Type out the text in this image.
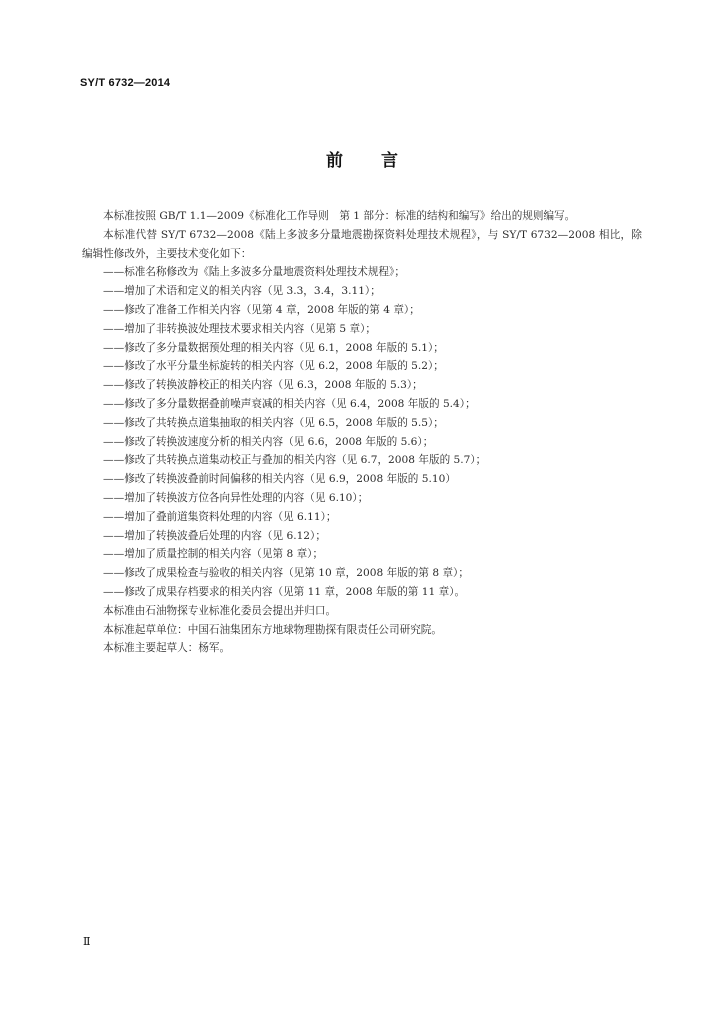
SY/T 6732—2014
前言

本标准按照 GB/T 1.1—2009《标准化工作导则　第 1 部分：标准的结构和编写》给出的规则编写。

本标准代替 SY/T 6732—2008《陆上多波多分量地震勘探资料处理技术规程》，与 SY/T 6732—2008 相比，除编辑性修改外，主要技术变化如下：

——标准名称修改为《陆上多波多分量地震资料处理技术规程》；

——增加了术语和定义的相关内容（见 3.3，3.4，3.11）；

——修改了准备工作相关内容（见第 4 章，2008 年版的第 4 章）；

——增加了非转换波处理技术要求相关内容（见第 5 章）；

——修改了多分量数据预处理的相关内容（见 6.1，2008 年版的 5.1）；

——修改了水平分量坐标旋转的相关内容（见 6.2，2008 年版的 5.2）；

——修改了转换波静校正的相关内容（见 6.3，2008 年版的 5.3）；

——修改了多分量数据叠前噪声衰减的相关内容（见 6.4，2008 年版的 5.4）；

——修改了共转换点道集抽取的相关内容（见 6.5，2008 年版的 5.5）；

——修改了转换波速度分析的相关内容（见 6.6，2008 年版的 5.6）；

——修改了共转换点道集动校正与叠加的相关内容（见 6.7，2008 年版的 5.7）；

——修改了转换波叠前时间偏移的相关内容（见 6.9，2008 年版的 5.10）

——增加了转换波方位各向异性处理的内容（见 6.10）；

——增加了叠前道集资料处理的内容（见 6.11）；

——增加了转换波叠后处理的内容（见 6.12）；

——增加了质量控制的相关内容（见第 8 章）；

——修改了成果检查与验收的相关内容（见第 10 章，2008 年版的第 8 章）；

——修改了成果存档要求的相关内容（见第 11 章，2008 年版的第 11 章）。

本标准由石油物探专业标准化委员会提出并归口。

本标准起草单位：中国石油集团东方地球物理勘探有限责任公司研究院。

本标准主要起草人：杨军。

Ⅱ
